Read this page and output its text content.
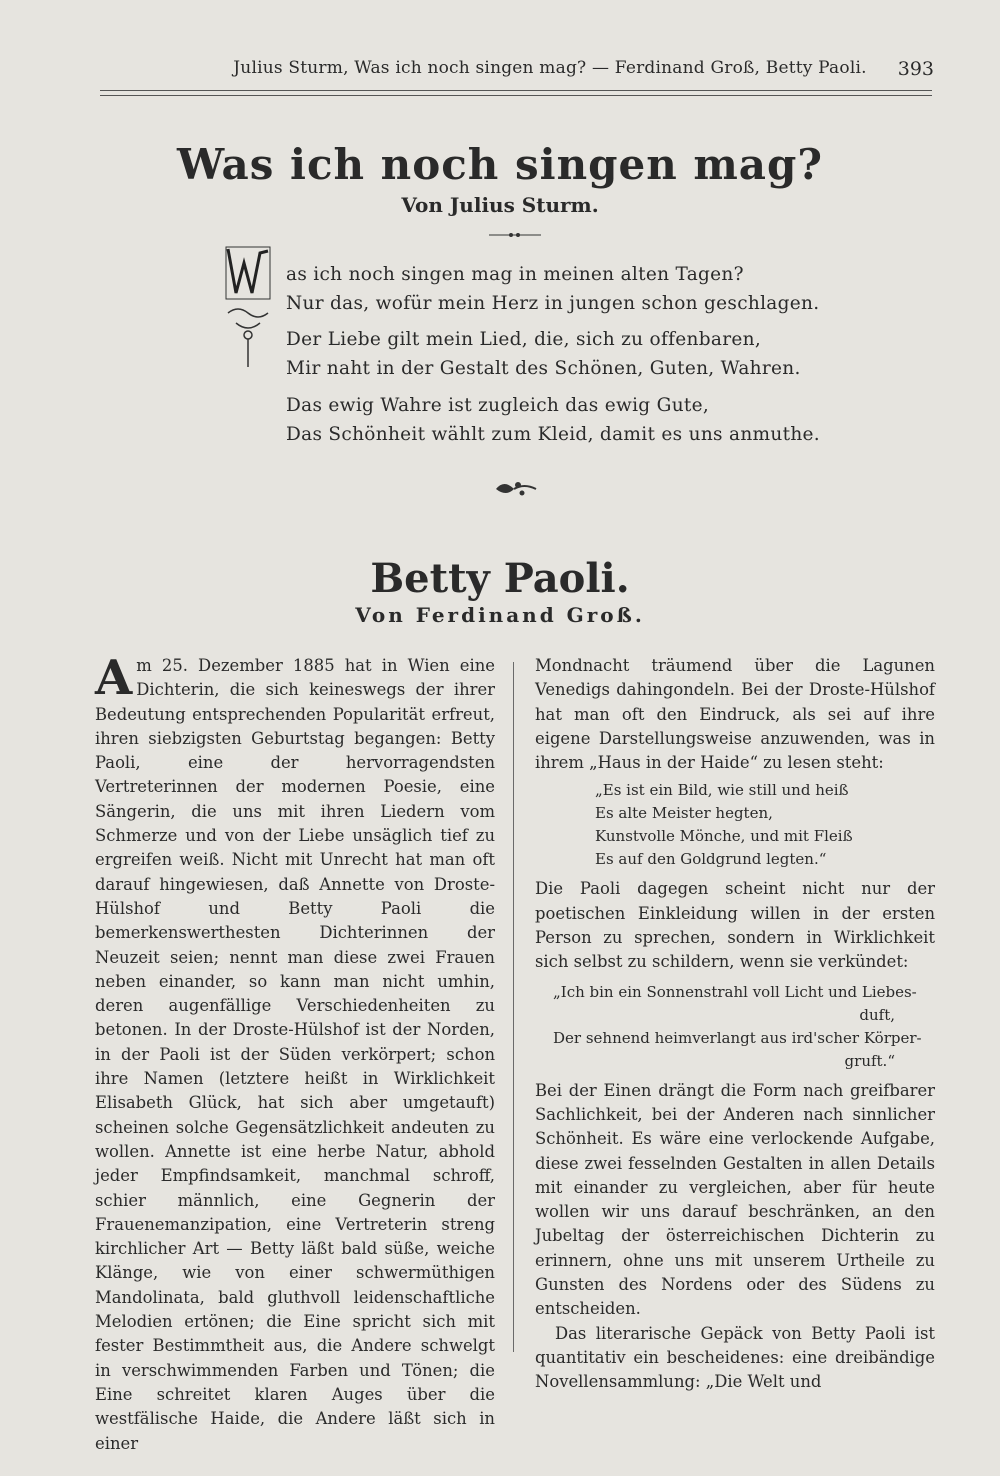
Julius Sturm, Was ich noch singen mag? — Ferdinand Groß, Betty Paoli.	393
Was ich noch singen mag?
Von Julius Sturm.
as ich noch singen mag in meinen alten Tagen?
Nur das, wofür mein Herz in jungen schon geschlagen.
Der Liebe gilt mein Lied, die, sich zu offenbaren,
Mir naht in der Gestalt des Schönen, Guten, Wahren.
Das ewig Wahre ist zugleich das ewig Gute,
Das Schönheit wählt zum Kleid, damit es uns anmuthe.
Betty Paoli.
Von Ferdinand Groß.

Am 25. Dezember 1885 hat in Wien eine Dichterin, die sich keineswegs der ihrer Bedeutung entsprechenden Popularität erfreut, ihren siebzigsten Geburtstag begangen: Betty Paoli, eine der hervorragendsten Vertreterinnen der modernen Poesie, eine Sängerin, die uns mit ihren Liedern vom Schmerze und von der Liebe unsäglich tief zu ergreifen weiß. Nicht mit Unrecht hat man oft darauf hingewiesen, daß Annette von Droste-Hülshof und Betty Paoli die bemerkenswerthesten Dichterinnen der Neuzeit seien; nennt man diese zwei Frauen neben einander, so kann man nicht umhin, deren augenfällige Verschiedenheiten zu betonen. In der Droste-Hülshof ist der Norden, in der Paoli ist der Süden verkörpert; schon ihre Namen (letztere heißt in Wirklichkeit Elisabeth Glück, hat sich aber umgetauft) scheinen solche Gegensätzlichkeit andeuten zu wollen. Annette ist eine herbe Natur, abhold jeder Empfindsamkeit, manchmal schroff, schier männlich, eine Gegnerin der Frauenemanzipation, eine Vertreterin streng kirchlicher Art — Betty läßt bald süße, weiche Klänge, wie von einer schwermüthigen Mandolinata, bald gluthvoll leidenschaftliche Melodien ertönen; die Eine spricht sich mit fester Bestimmtheit aus, die Andere schwelgt in verschwimmenden Farben und Tönen; die Eine schreitet klaren Auges über die westfälische Haide, die Andere läßt sich in einer

Mondnacht träumend über die Lagunen Venedigs dahingondeln. Bei der Droste-Hülshof hat man oft den Eindruck, als sei auf ihre eigene Darstellungsweise anzuwenden, was in ihrem „Haus in der Haide“ zu lesen steht:

„Es ist ein Bild, wie still und heiß
Es alte Meister hegten,
Kunstvolle Mönche, und mit Fleiß
Es auf den Goldgrund legten.“

Die Paoli dagegen scheint nicht nur der poetischen Einkleidung willen in der ersten Person zu sprechen, sondern in Wirklichkeit sich selbst zu schildern, wenn sie verkündet:

„Ich bin ein Sonnenstrahl voll Licht und Liebes-
duft,
Der sehnend heimverlangt aus ird'scher Körper-
gruft.“

Bei der Einen drängt die Form nach greifbarer Sachlichkeit, bei der Anderen nach sinnlicher Schönheit. Es wäre eine verlockende Aufgabe, diese zwei fesselnden Gestalten in allen Details mit einander zu vergleichen, aber für heute wollen wir uns darauf beschränken, an den Jubeltag der österreichischen Dichterin zu erinnern, ohne uns mit unserem Urtheile zu Gunsten des Nordens oder des Südens zu entscheiden.

Das literarische Gepäck von Betty Paoli ist quantitativ ein bescheidenes: eine dreibändige Novellensammlung: „Die Welt und
